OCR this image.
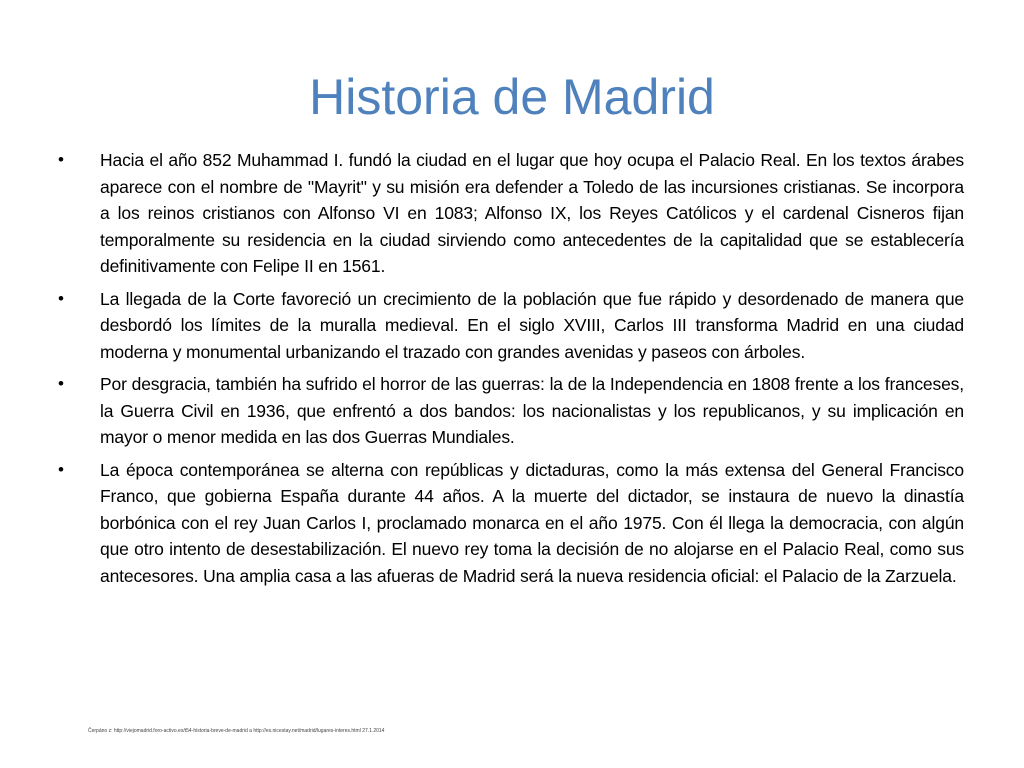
Historia de Madrid
• Hacia el año 852 Muhammad I. fundó la ciudad en el lugar que hoy ocupa el Palacio Real. En los textos árabes aparece con el nombre de "Mayrit" y su misión era defender a Toledo de las incursiones cristianas. Se incorpora a los reinos cristianos con Alfonso VI en 1083; Alfonso IX, los Reyes Católicos y el cardenal Cisneros fijan temporalmente su residencia en la ciudad sirviendo como antecedentes de la capitalidad que se establecería definitivamente con Felipe II en 1561.
• La llegada de la Corte favoreció un crecimiento de la población que fue rápido y desordenado de manera que desbordó los límites de la muralla medieval. En el siglo XVIII, Carlos III transforma Madrid en una ciudad moderna y monumental urbanizando el trazado con grandes avenidas y paseos con árboles.
• Por desgracia, también ha sufrido el horror de las guerras: la de la Independencia en 1808 frente a los franceses, la Guerra Civil en 1936, que enfrentó a dos bandos: los nacionalistas y los republicanos, y su implicación en mayor o menor medida en las dos Guerras Mundiales.
• La época contemporánea se alterna con repúblicas y dictaduras, como la más extensa del General Francisco Franco, que gobierna España durante 44 años. A la muerte del dictador, se instaura de nuevo la dinastía borbónica con el rey Juan Carlos I, proclamado monarca en el año 1975. Con él llega la democracia, con algún que otro intento de desestabilización. El nuevo rey toma la decisión de no alojarse en el Palacio Real, como sus antecesores. Una amplia casa a las afueras de Madrid será la nueva residencia oficial: el Palacio de la Zarzuela.
Čerpáno z: http://viejomadrid.foro-activo.es/t54-historia-breve-de-madrid a http://es.nicestay.net/madrid/lugares-interes.html 27.1.2014
